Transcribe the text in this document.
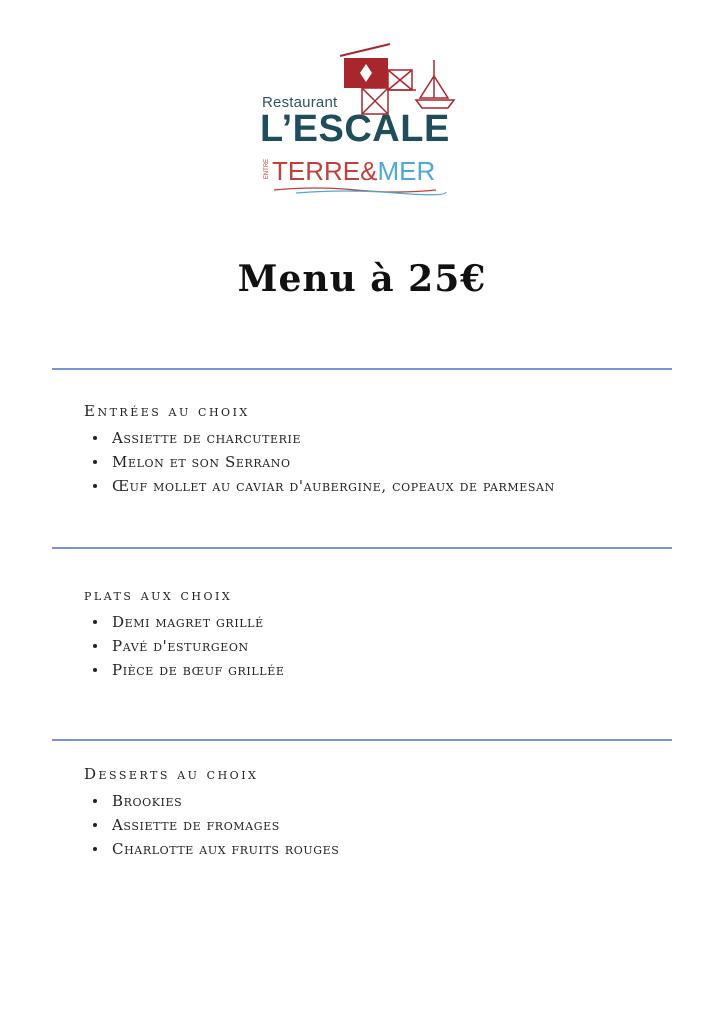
Restaurant
L’ESCALE
ENTRE TERRE&MER
Menu à 25€
Entrées au choix
Assiette de charcuterie
Melon et son Serrano
Œuf mollet au caviar d'aubergine, copeaux de parmesan
plats aux choix
Demi magret grillé
Pavé d'esturgeon
Pièce de bœuf grillée
Desserts au choix
Brookies
Assiette de fromages
Charlotte aux fruits rouges
